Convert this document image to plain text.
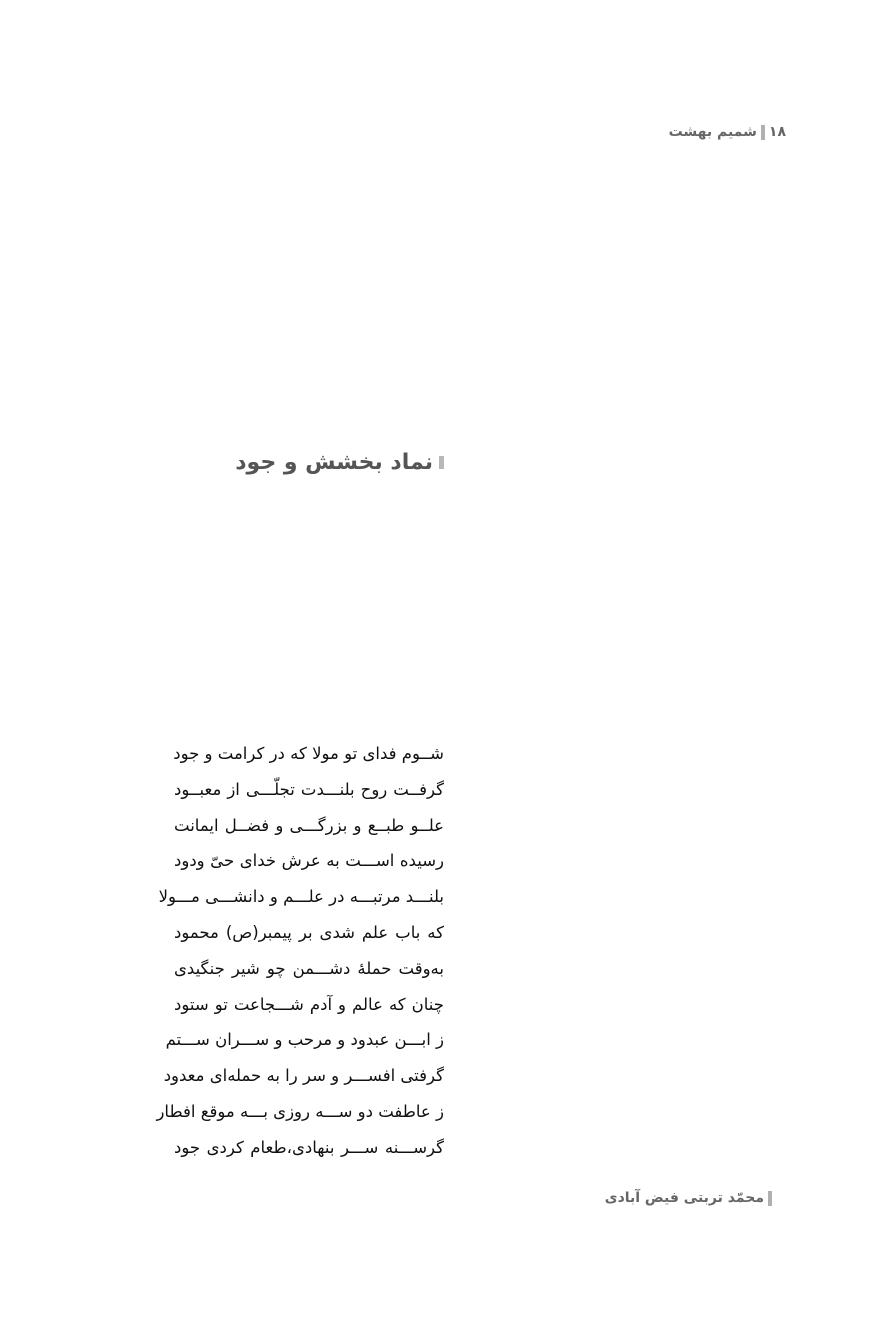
۱۸
شمیم بهشت
نماد بخشش و جود
شــوم فدای تو مولا که در کرامت و جود
گرفــت روح بلنـــدت تجلّـــی از معبــود
علــو طبــع و بزرگـــی و فضــل ایمانت
رسیده اســـت به عرش خدای حیّ ودود
بلنـــد مرتبـــه در علـــم و دانشـــی مـــولا
که باب علم شدی بر پیمبر(ص) محمود
به‌وقت حملهٔ دشـــمن چو شیر جنگیدی
چنان که عالم و آدم شـــجاعت تو ستود
ز ابـــن عبدود و مرحب و ســـران ســـتم
گرفتی افســـر و سر را به حمله‌ای معدود
ز عاطفت دو ســـه روزی بـــه موقع افطار
گرســـنه ســـر بنهادی،طعام کردی جود
محمّد تربتی فیض آبادی
